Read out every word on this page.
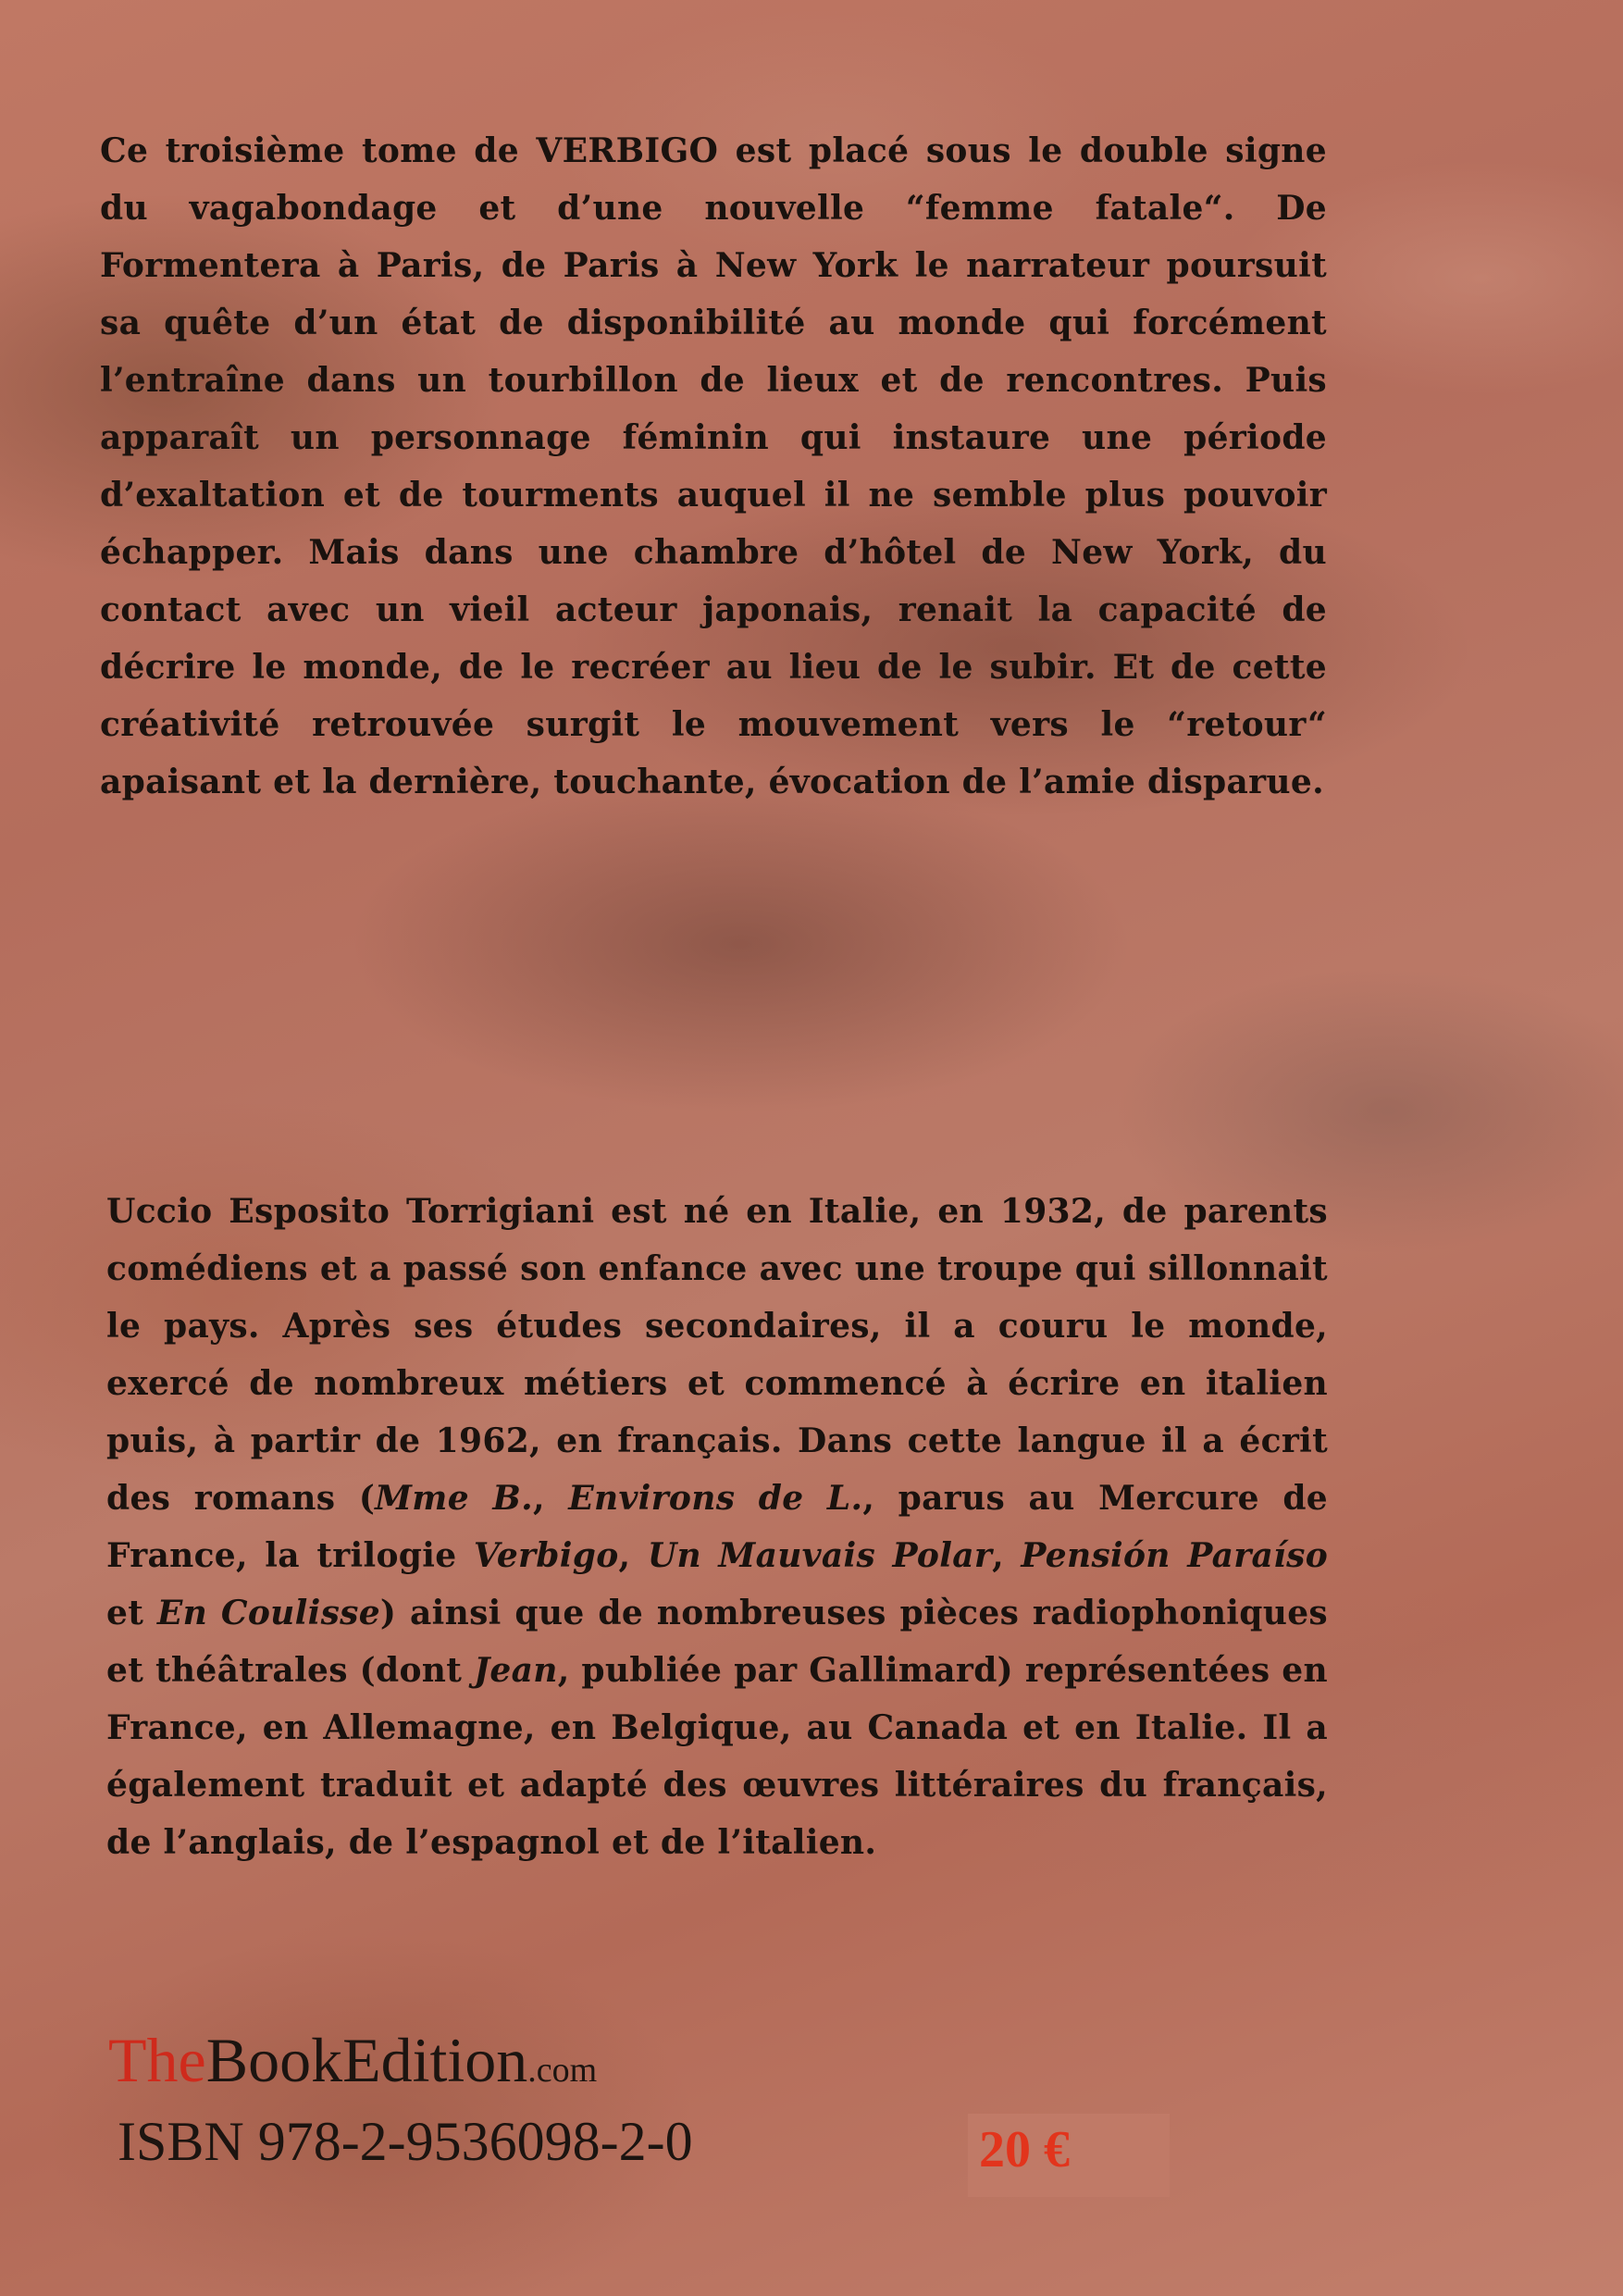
Ce troisième tome de VERBIGO est placé sous le double signe du vagabondage et d’une nouvelle “femme fatale“. De Formentera à Paris, de Paris à New York le narrateur poursuit sa quête d’un état de disponibilité au monde qui forcément l’entraîne dans un tourbillon de lieux et de rencontres. Puis apparaît un personnage féminin qui instaure une période d’exaltation et de tourments auquel il ne semble plus pouvoir échapper. Mais dans une chambre d’hôtel de New York, du contact avec un vieil acteur japonais, renait la capacité de décrire le monde, de le recréer au lieu de le subir. Et de cette créativité retrouvée surgit le mouvement vers le “retour“ apaisant et la dernière, touchante, évocation de l’amie disparue.

Uccio Esposito Torrigiani est né en Italie, en 1932, de parents comédiens et a passé son enfance avec une troupe qui sillonnait le pays. Après ses études secondaires, il a couru le monde, exercé de nombreux métiers et commencé à écrire en italien puis, à partir de 1962, en français. Dans cette langue il a écrit des romans (Mme B., Environs de L., parus au Mercure de France, la trilogie Verbigo, Un Mauvais Polar, Pensión Paraíso et En Coulisse) ainsi que de nombreuses pièces radiophoniques et théâtrales (dont Jean, publiée par Gallimard) représentées en France, en Allemagne, en Belgique, au Canada et en Italie. Il a également traduit et adapté des œuvres littéraires du français, de l’anglais, de l’espagnol et de l’italien.

TheBookEdition.com
ISBN 978-2-9536098-2-0	20 €
